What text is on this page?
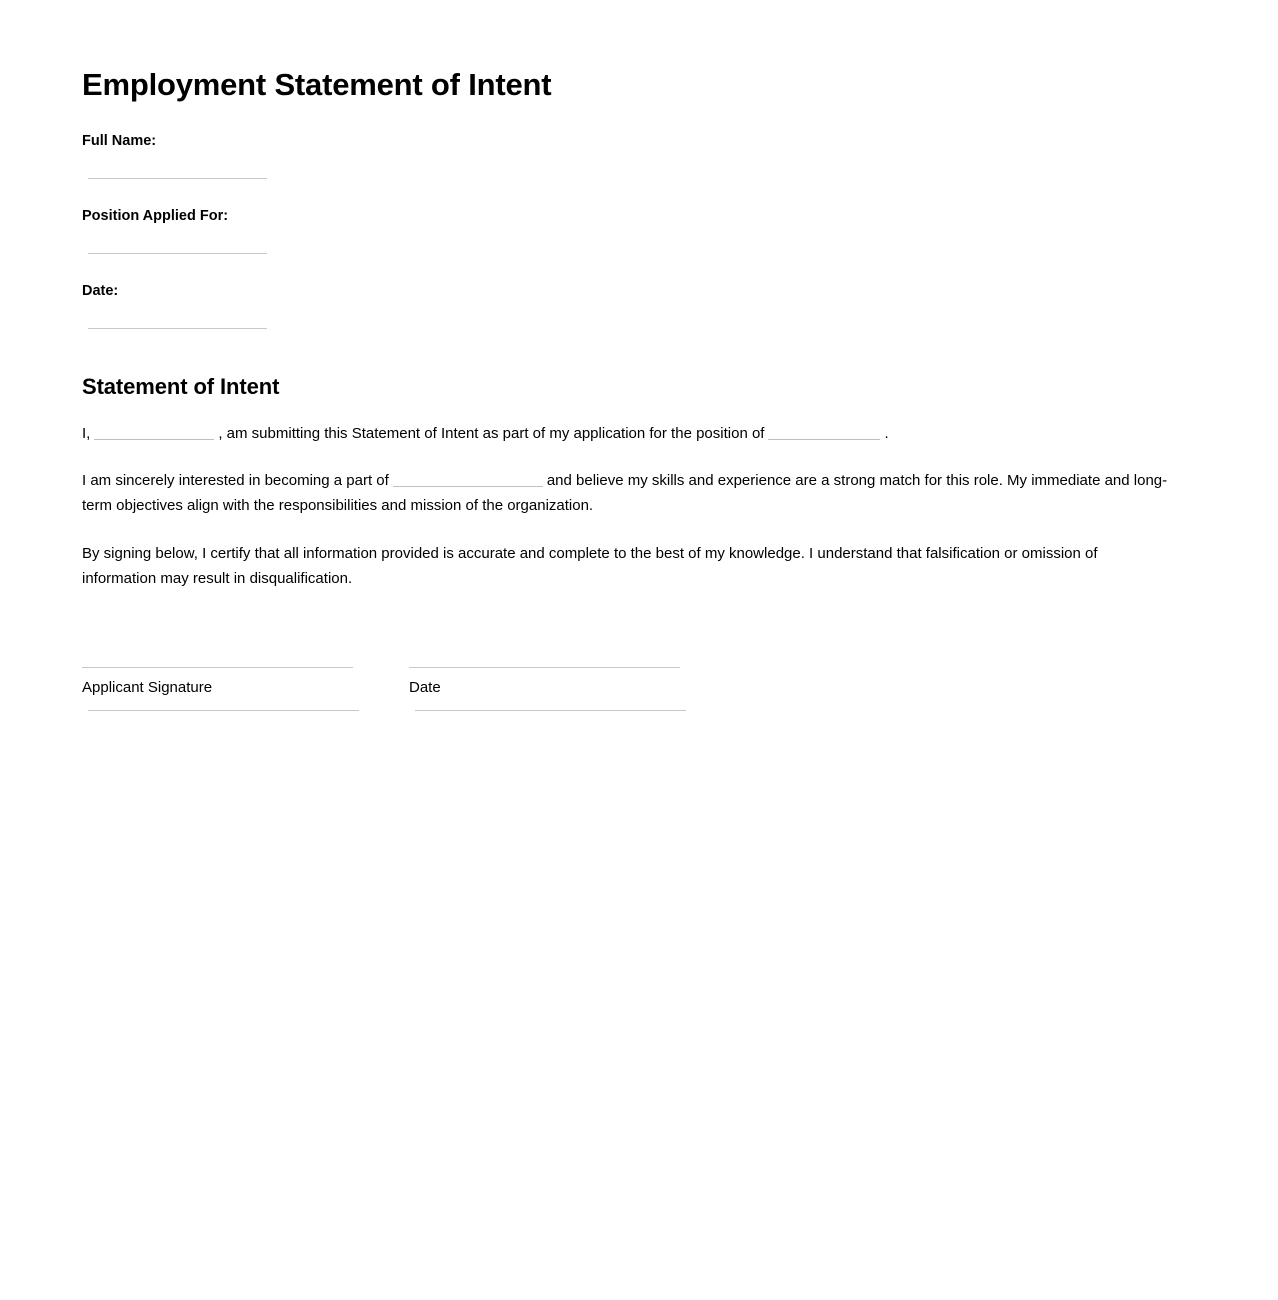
Employment Statement of Intent
Full Name:
Position Applied For:
Date:
Statement of Intent

I,	, am submitting this Statement of Intent as part of my application for the position of	.

I am sincerely interested in becoming a part of	and believe my skills and experience are a strong match for this role. My immediate and long-term objectives align with the responsibilities and mission of the organization.

By signing below, I certify that all information provided is accurate and complete to the best of my knowledge. I understand that falsification or omission of information may result in disqualification.

Applicant Signature	Date
